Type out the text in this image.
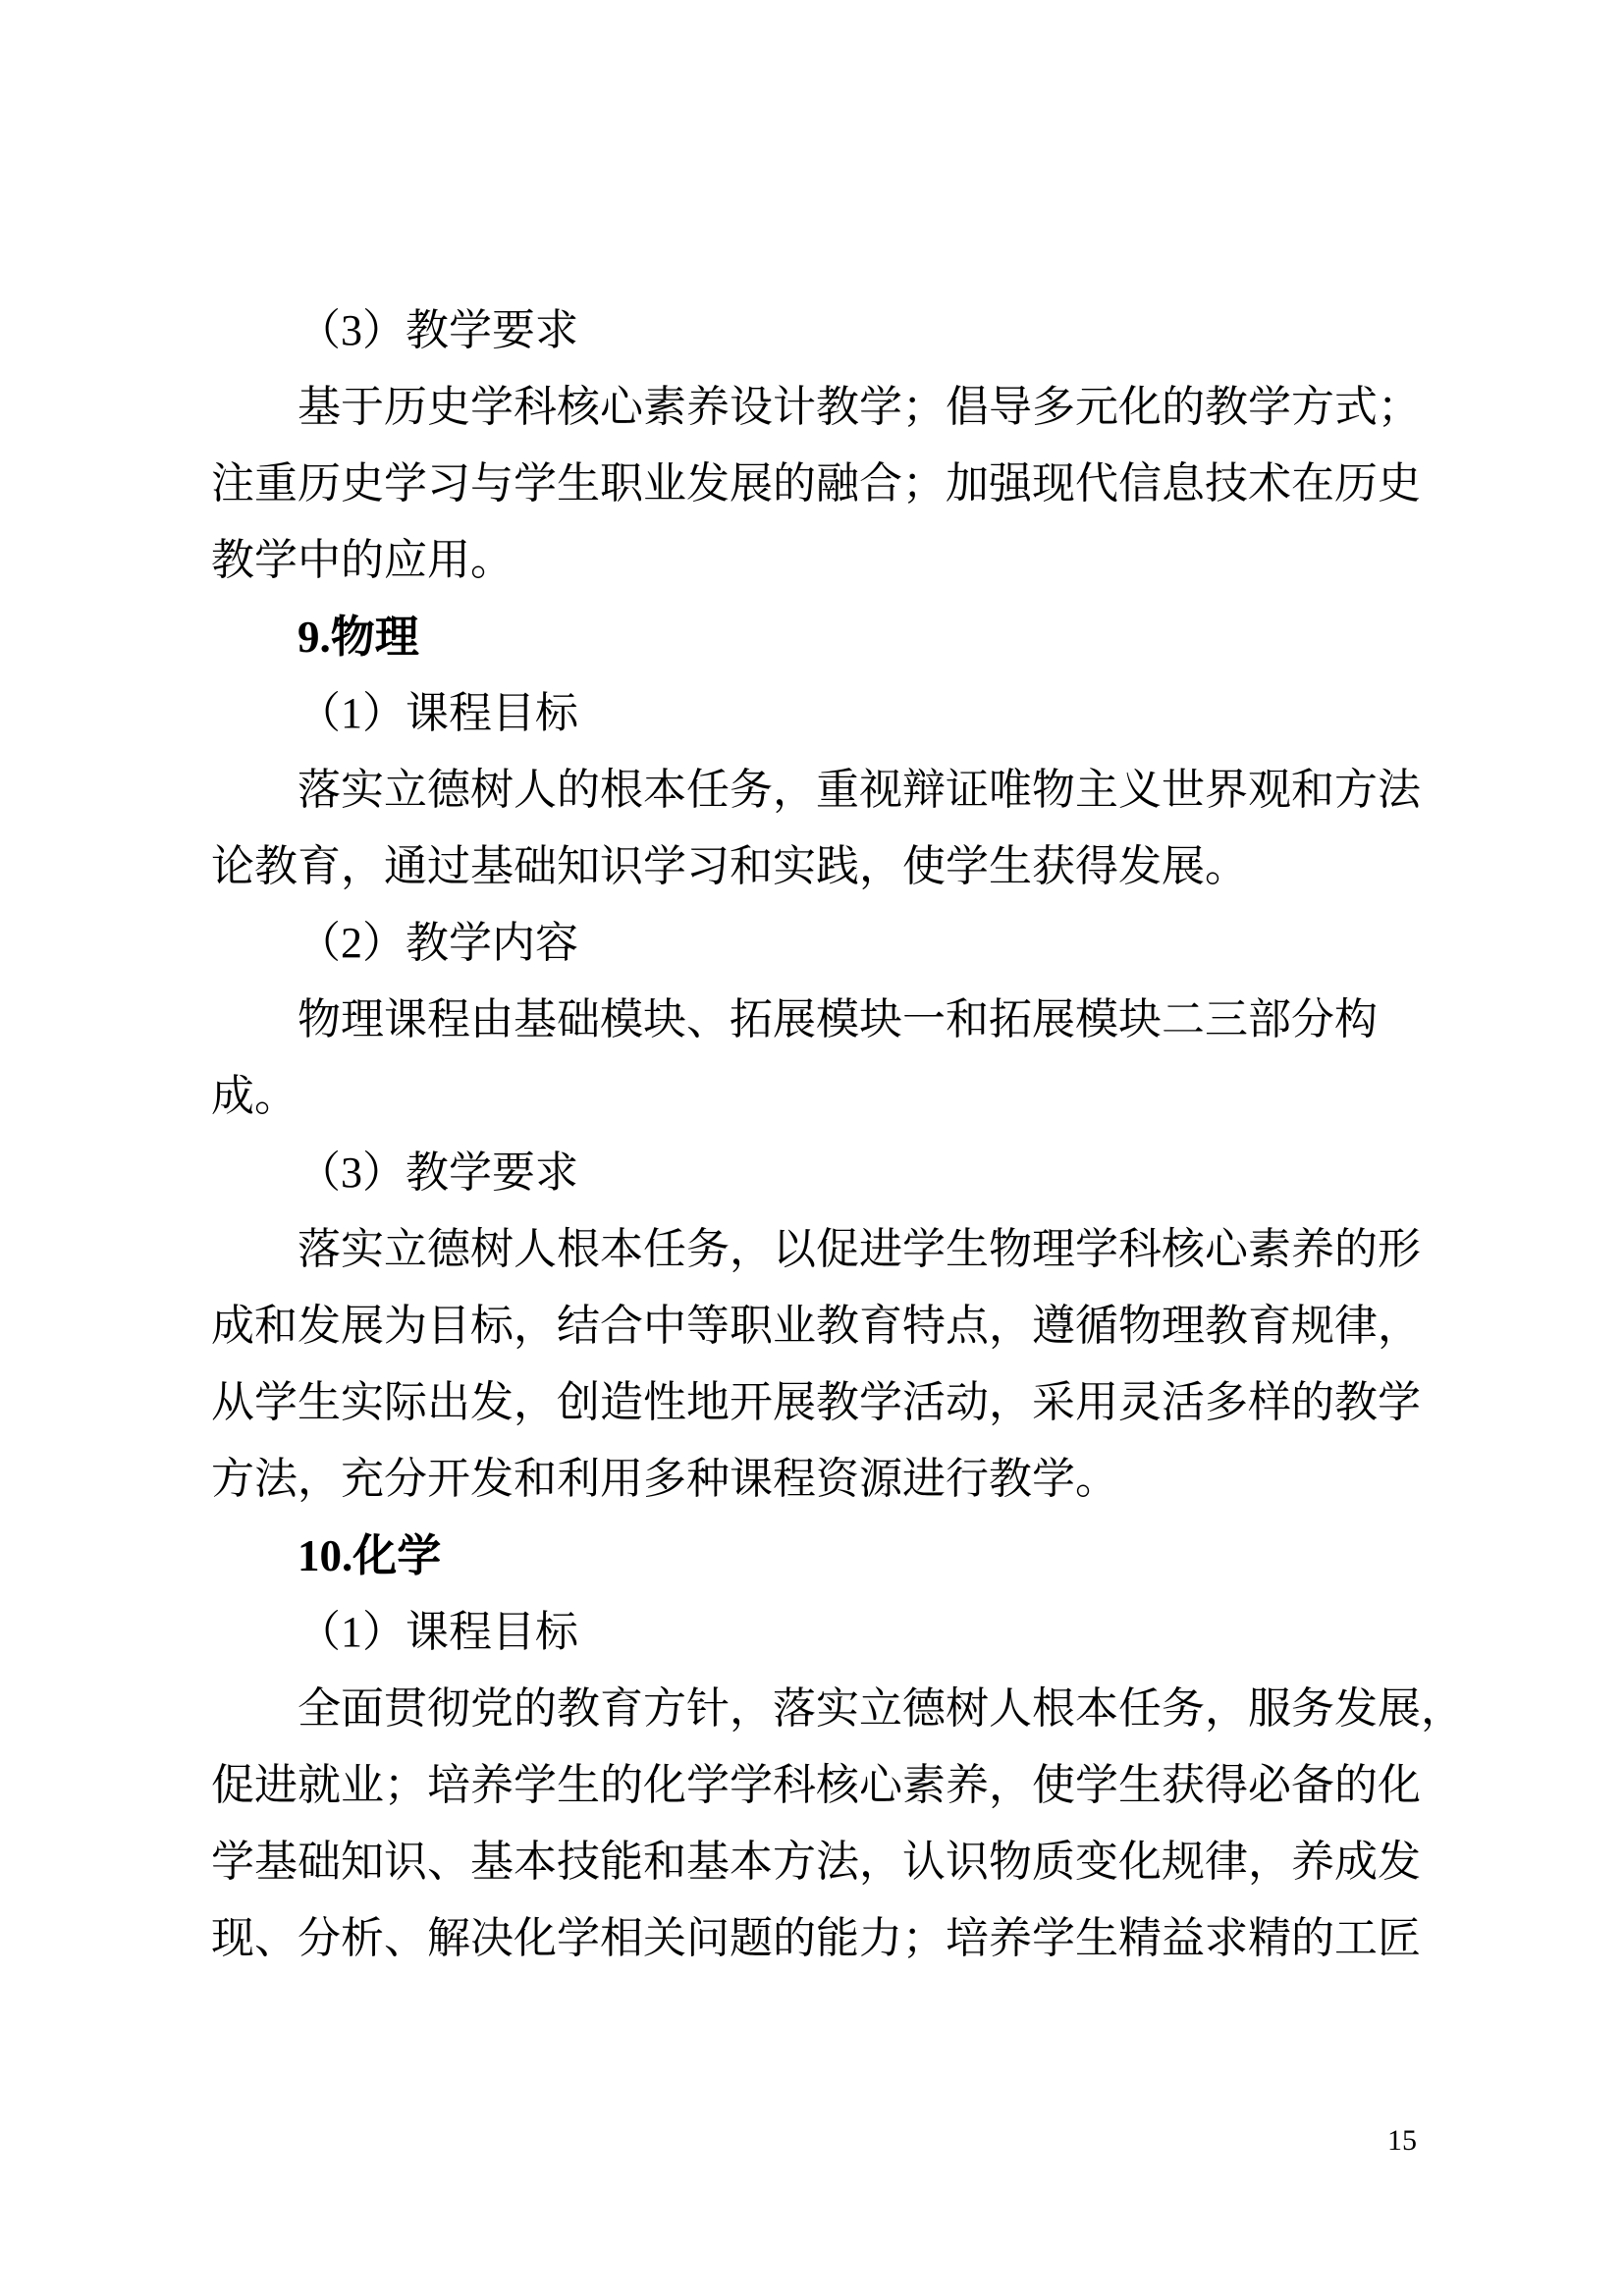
（3）教学要求
基于历史学科核心素养设计教学；倡导多元化的教学方式；
注重历史学习与学生职业发展的融合；加强现代信息技术在历史
教学中的应用。
9.物理
（1）课程目标
落实立德树人的根本任务，重视辩证唯物主义世界观和方法
论教育，通过基础知识学习和实践，使学生获得发展。
（2）教学内容
物理课程由基础模块、拓展模块一和拓展模块二三部分构
成。
（3）教学要求
落实立德树人根本任务，以促进学生物理学科核心素养的形
成和发展为目标，结合中等职业教育特点，遵循物理教育规律，
从学生实际出发，创造性地开展教学活动，采用灵活多样的教学
方法，充分开发和利用多种课程资源进行教学。
10.化学
（1）课程目标
全面贯彻党的教育方针，落实立德树人根本任务，服务发展，
促进就业；培养学生的化学学科核心素养，使学生获得必备的化
学基础知识、基本技能和基本方法，认识物质变化规律，养成发
现、分析、解决化学相关问题的能力；培养学生精益求精的工匠
15
